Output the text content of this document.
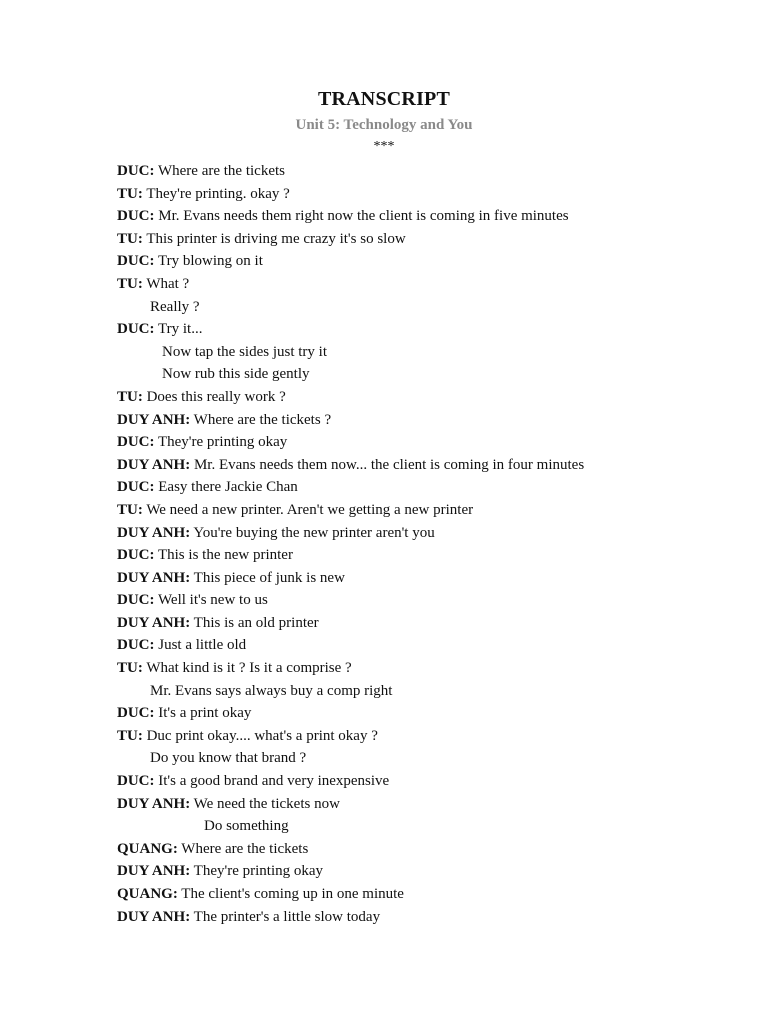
TRANSCRIPT
Unit 5: Technology and You
***
DUC: Where are the tickets
TU: They're printing. okay ?
DUC: Mr. Evans needs them right now the client is coming in five minutes
TU: This printer is driving me crazy it's so slow
DUC: Try blowing on it
TU: What ?
Really ?
DUC: Try it...
Now tap the sides just try it
Now rub this side gently
TU: Does this really work ?
DUY ANH: Where are the tickets ?
DUC: They're printing okay
DUY ANH: Mr. Evans needs them now... the client is coming in four minutes
DUC: Easy there Jackie Chan
TU: We need a new printer. Aren't we getting a new printer
DUY ANH: You're buying the new printer aren't you
DUC: This is the new printer
DUY ANH: This piece of junk is new
DUC: Well it's new to us
DUY ANH: This is an old printer
DUC: Just a little old
TU: What kind is it ? Is it a comprise ?
Mr. Evans says always buy a comp right
DUC: It's a print okay
TU: Duc print okay.... what's a print okay ?
Do you know that brand ?
DUC: It's a good brand and very inexpensive
DUY ANH: We need the tickets now
Do something
QUANG: Where are the tickets
DUY ANH: They're printing okay
QUANG: The client's coming up in one minute
DUY ANH: The printer's a little slow today
